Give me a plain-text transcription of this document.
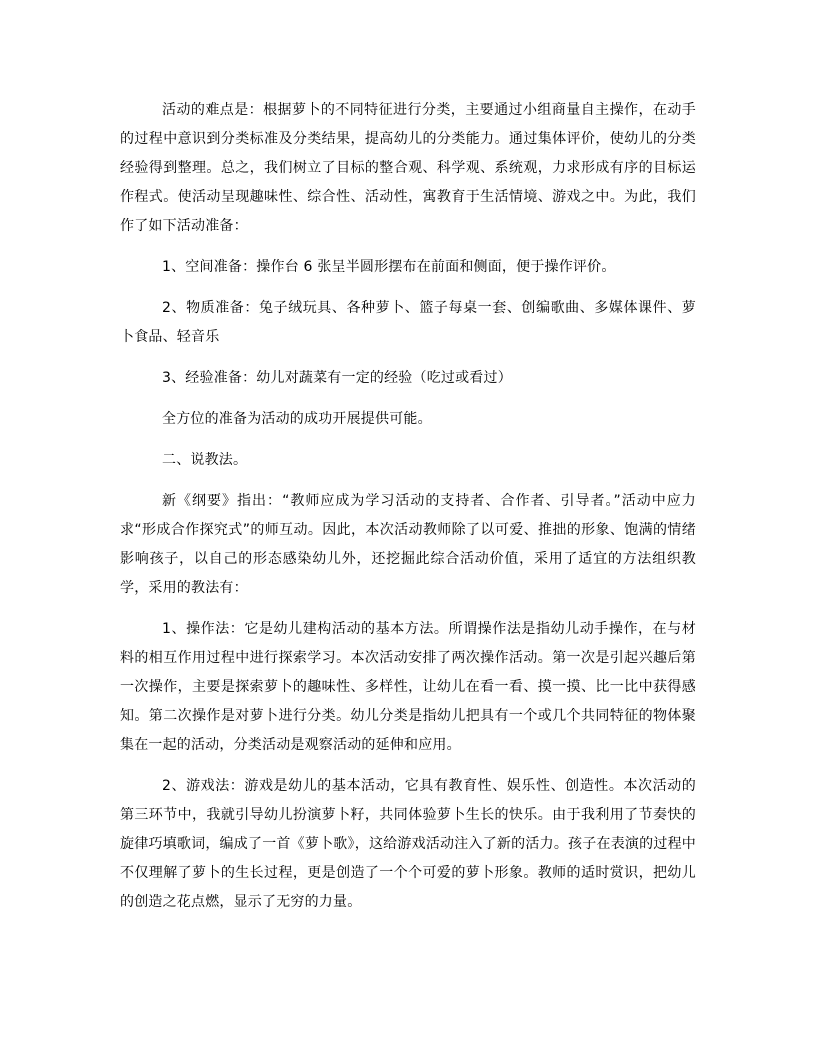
活动的难点是：根据萝卜的不同特征进行分类，主要通过小组商量自主操作，在动手的过程中意识到分类标准及分类结果，提高幼儿的分类能力。通过集体评价，使幼儿的分类经验得到整理。总之，我们树立了目标的整合观、科学观、系统观，力求形成有序的目标运作程式。使活动呈现趣味性、综合性、活动性，寓教育于生活情境、游戏之中。为此，我们作了如下活动准备：

1、空间准备：操作台 6 张呈半圆形摆布在前面和侧面，便于操作评价。

2、物质准备：兔子绒玩具、各种萝卜、篮子每桌一套、创编歌曲、多媒体课件、萝卜食品、轻音乐

3、经验准备：幼儿对蔬菜有一定的经验（吃过或看过）

全方位的准备为活动的成功开展提供可能。

二、说教法。

新《纲要》指出：“教师应成为学习活动的支持者、合作者、引导者。”活动中应力求“形成合作探究式”的师互动。因此，本次活动教师除了以可爱、推拙的形象、饱满的情绪影响孩子，以自己的形态感染幼儿外，还挖掘此综合活动价值，采用了适宜的方法组织教学，采用的教法有：

1、操作法：它是幼儿建构活动的基本方法。所谓操作法是指幼儿动手操作，在与材料的相互作用过程中进行探索学习。本次活动安排了两次操作活动。第一次是引起兴趣后第一次操作，主要是探索萝卜的趣味性、多样性，让幼儿在看一看、摸一摸、比一比中获得感知。第二次操作是对萝卜进行分类。幼儿分类是指幼儿把具有一个或几个共同特征的物体聚集在一起的活动，分类活动是观察活动的延伸和应用。

2、游戏法：游戏是幼儿的基本活动，它具有教育性、娱乐性、创造性。本次活动的第三环节中，我就引导幼儿扮演萝卜籽，共同体验萝卜生长的快乐。由于我利用了节奏快的旋律巧填歌词，编成了一首《萝卜歌》，这给游戏活动注入了新的活力。孩子在表演的过程中不仅理解了萝卜的生长过程，更是创造了一个个可爱的萝卜形象。教师的适时赏识，把幼儿的创造之花点燃，显示了无穷的力量。
